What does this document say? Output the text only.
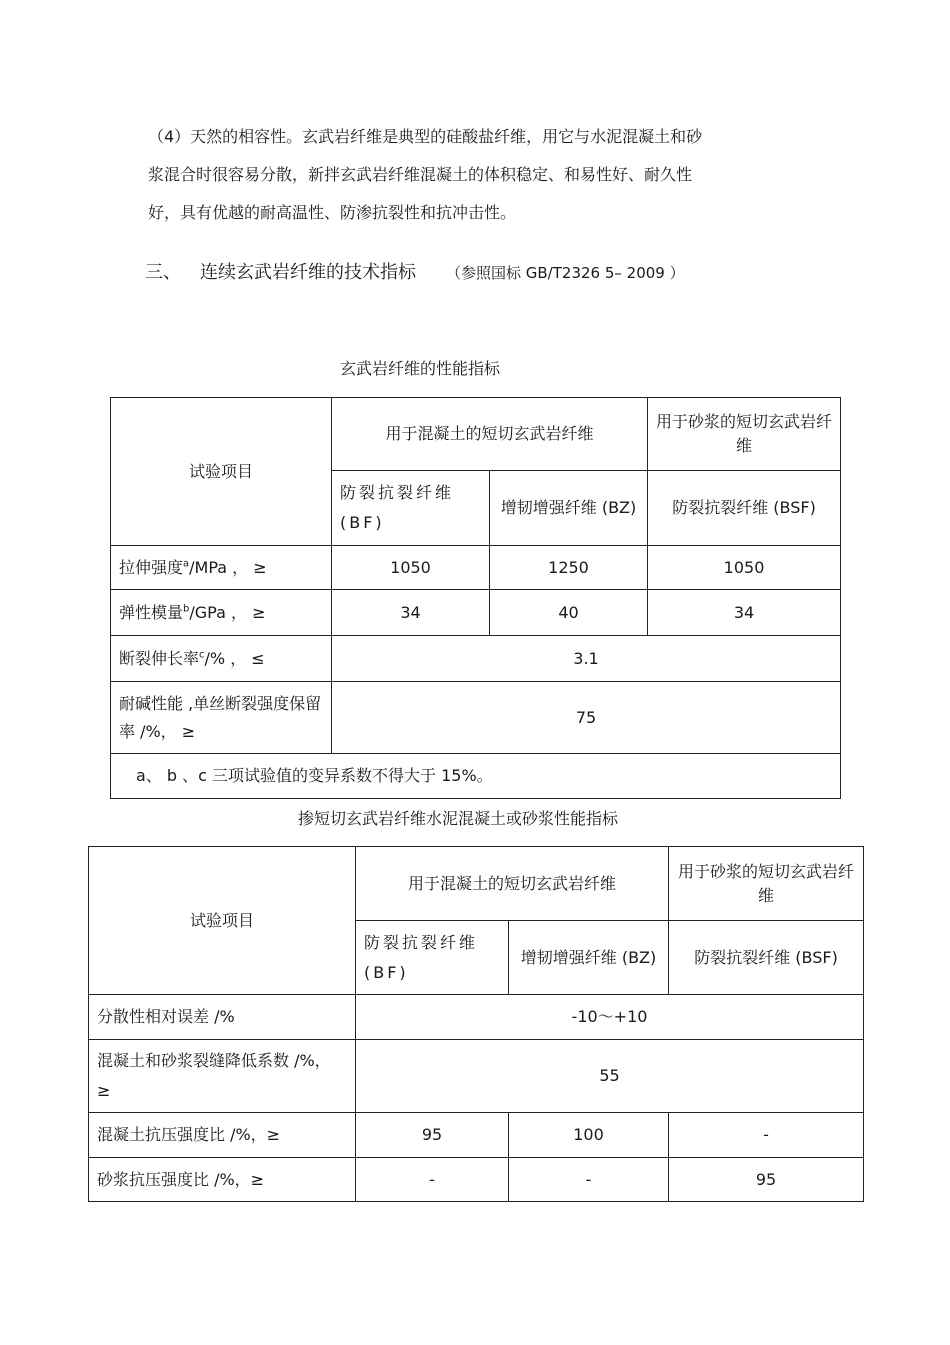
（4）天然的相容性。玄武岩纤维是典型的硅酸盐纤维，用它与水泥混凝土和砂
浆混合时很容易分散，新拌玄武岩纤维混凝土的体积稳定、和易性好、耐久性
好，具有优越的耐高温性、防渗抗裂性和抗冲击性。
三、 连续玄武岩纤维的技术指标 （参照国标 GB/T2326 5– 2009 ）
玄武岩纤维的性能指标
试验项目	用于混凝土的短切玄武岩纤维		用于砂浆的短切玄武岩纤维
	防裂抗裂纤维 (BF)	增韧增强纤维 (BZ)	防裂抗裂纤维 (BSF)
拉伸强度$^a$/MPa ， ≥	1050	1250	1050
弹性模量$^b$/GPa ， ≥	34	40	34
断裂伸长率$^c$/% ， ≤	3.1		
耐碱性能 ,单丝断裂强度保留率 /%， ≥	75		
a、 b 、c 三项试验值的变异系数不得大于 15%。			
掺短切玄武岩纤维水泥混凝土或砂浆性能指标
试验项目	用于混凝土的短切玄武岩纤维		用于砂浆的短切玄武岩纤维
	防裂抗裂纤维 (BF)	增韧增强纤维 (BZ)	防裂抗裂纤维 (BSF)
分散性相对误差 /%	-10～+10		
混凝土和砂浆裂缝降低系数 /%， ≥	55		
混凝土抗压强度比 /%，≥	95	100	-
砂浆抗压强度比 /%，≥	-	-	95
